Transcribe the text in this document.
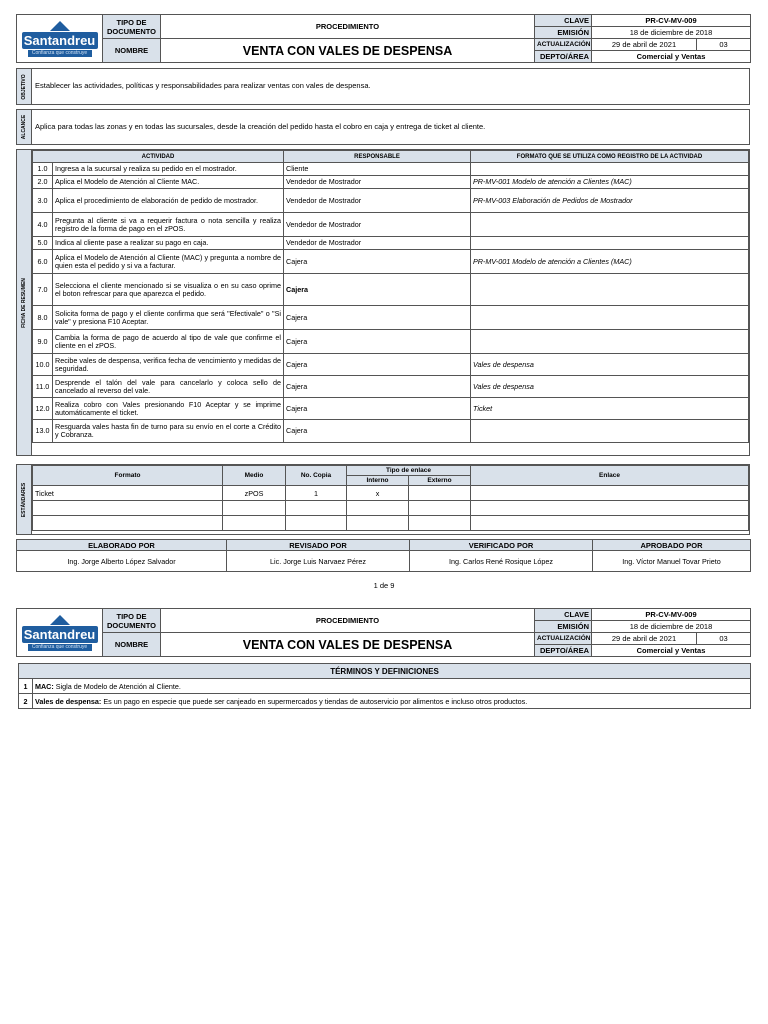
Santandreu
Confianza que construye	TIPO DE DOCUMENTO	PROCEDIMIENTO	CLAVE	PR-CV-MV-009	
			EMISIÓN	18 de diciembre de 2018	
	NOMBRE	VENTA CON VALES DE DESPENSA	ACTUALIZACIÓN	29 de abril de 2021	03
			DEPTO/ÁREA	Comercial y Ventas	
OBJETIVO Establecer las actividades, políticas y responsabilidades para realizar ventas con vales de despensa.
ALCANCE Aplica para todas las zonas y en todas las sucursales, desde la creación del pedido hasta el cobro en caja y entrega de ticket al cliente.
FICHA DE RESUMEN
ACTIVIDAD		RESPONSABLE	FORMATO QUE SE UTILIZA COMO REGISTRO DE LA ACTIVIDAD
1.0	Ingresa a la sucursal y realiza su pedido en el mostrador.	Cliente	
2.0	Aplica el Modelo de Atención al Cliente MAC.	Vendedor de Mostrador	PR-MV-001 Modelo de atención a Clientes (MAC)
3.0	Aplica el procedimiento de elaboración de pedido de mostrador.	Vendedor de Mostrador	PR-MV-003 Elaboración de Pedidos de Mostrador
4.0	Pregunta al cliente si va a requerir factura o nota sencilla y realiza registro de la forma de pago en el zPOS.	Vendedor de Mostrador	
5.0	Indica al cliente pase a realizar su pago en caja.	Vendedor de Mostrador	
6.0	Aplica el Modelo de Atención al Cliente (MAC) y pregunta a nombre de quien esta el pedido y si va a facturar.	Cajera	PR-MV-001 Modelo de atención a Clientes (MAC)
7.0	Selecciona el cliente mencionado si se visualiza o en su caso oprime el boton refrescar para que aparezca el pedido.	Cajera	
8.0	Solicita forma de pago y el cliente confirma que será "Efectivale" o "Si vale" y presiona F10 Aceptar.	Cajera	
9.0	Cambia la forma de pago de acuerdo al tipo de vale que confirme el cliente en el zPOS.	Cajera	
10.0	Recibe vales de despensa, verifica fecha de vencimiento y medidas de seguridad.	Cajera	Vales de despensa
11.0	Desprende el talón del vale para cancelarlo y coloca sello de cancelado al reverso del vale.	Cajera	Vales de despensa
12.0	Realiza cobro con Vales presionando F10 Aceptar y se imprime automáticamente el ticket.	Cajera	Ticket
13.0	Resguarda vales hasta fin de turno para su envío en el corte a Crédito y Cobranza.	Cajera	
ESTÁNDARES
Formato	Medio	No. Copia	Tipo de enlace		Enlace
			Interno	Externo	
Ticket	zPOS	1	x		

ELABORADO POR	REVISADO POR	VERIFICADO POR	APROBADO POR
Ing. Jorge Alberto López Salvador	Lic. Jorge Luis Narvaez Pérez	Ing. Carlos René Rosique López	Ing. Víctor Manuel Tovar Prieto
1 de 9
Santandreu
Confianza que construye	TIPO DE DOCUMENTO	PROCEDIMIENTO	CLAVE	PR-CV-MV-009	
			EMISIÓN	18 de diciembre de 2018	
	NOMBRE	VENTA CON VALES DE DESPENSA	ACTUALIZACIÓN	29 de abril de 2021	03
			DEPTO/ÁREA	Comercial y Ventas	
TÉRMINOS Y DEFINICIONES	
1	MAC: Sigla de Modelo de Atención al Cliente.
2	Vales de despensa: Es un pago en especie que puede ser canjeado en supermercados y tiendas de autoservicio por alimentos e incluso otros productos.
